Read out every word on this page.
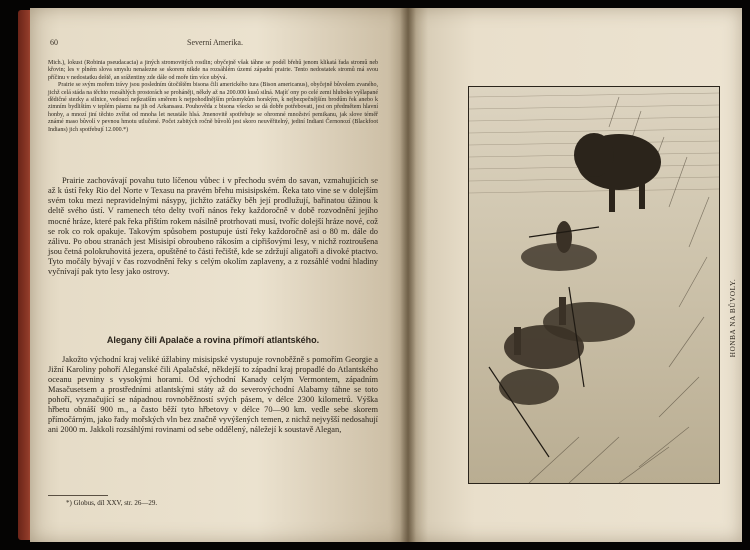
60	Severní Amerika.

Mich.), lokust (Robinia pseudacacia) a jiných stromovitých rostlin; obyčejně však táhne se podél břehů jenom klikatá řada stromů neb křovin; les v plném slova smyslu nenalezne se skorem nikde na rozsáhlém území západní prairie. Tento nedostatek stromů má svou příčinu v nedostatku deště, an srážentiny zde dále od moře tím více ubývá.

Prairie se svým mořem trávy jsou posledním útočištěm bisona čili amerického tura (Bison americanus), obyčejně bůvolem zvaného, jichž celá stáda na těchto rozsáhlých prostorách se proháněji, někdy až na 200.000 kusů silná. Majíť ony po celé zemi hluboko vyšlapané dědičné stezky a silnice, vedoucí nejkratším směrem k nejpohodlnějším průsmykům horským, k nejbezpečnějším brodům řek anebo k zimním bydlištím v teplém pásmu na jih od Arkansasu. Pouhověda z bisona všecko se dá dobře potřebovati, jest on předmětem hlavní honby, a mnozí jiní těchto zvířat od mnoha let neustále hlsá. Jmenovitě spotřebuje se ohromné množství pemikanu, jak slove téměř známé maso bůvolí v pevnou hmotu utlučené. Počet zabitých ročně bůvolů jest skoro neuvěřitelný, jediní Indiani Černonozí (Blackfoot Indians) jich spotřebují 12.000.*)

Prairie zachovávají povahu tuto líčenou vůbec i v přechodu svém do savan, vzmahujících se až k ústí řeky Rio del Norte v Texasu na pravém břehu misisipském. Řeka tato vine se v dolejším svém toku mezi nepravidelnými násypy, jichžto zatáčky běh její prodlužují, bařinatou úžinou k deltě svého ústí. V ramenech této delty tvoří nános řeky každoročně v době rozvodnění jejího mocné hráze, které pak řeka přištím rokem násilně protrhovati musí, tvoříc dolejší hráze nové, což se rok co rok opakuje. Takovým spůsobem postupuje ústí řeky každoročně asi o 80 m. dále do zálivu. Po obou stranách jest Misisipí obroubeno rákosím a cipřišovými lesy, v nichž roztroušena jsou četná polokruhovitá jezera, opuštěné to části řečiště, kde se zdržují aligatoři a divoké ptactvo. Tyto močály bývají v čas rozvodnění řeky s celým okolím zaplaveny, a z rozsáhlé vodní hladiny vyčnívají pak tyto lesy jako ostrovy.

Alegany čili Apalače a rovina přímoří atlantského.

Jakožto východní kraj veliké úžlabiny misisipské vystupuje rovnoběžně s pomořím Georgie a Jižní Karoliny pohoří Aleganské čili Apalačské, někdejší to západní kraj propadlé do Atlantského oceanu pevniny s vysokými horami. Od východní Kanady celým Vermontem, západním Masačusetsem a prostředními atlantskými státy až do severovýchodní Alabamy táhne se toto pohoří, vyznačující se nápadnou rovnoběžností svých pásem, v délce 2300 kilometrů. Výška hřbetu obnáší 900 m., a často běží tyto hřbetovy v délce 70—90 km. vedle sebe skorem přímočárným, jako řady mořských vln bez značně vyvýšených temen, z nichž nejvyšší nedosahují ani 2000 m. Jakkoli rozsáhlými rovinami od sebe oddělený, náležejí k soustavě Alegan,

*) Globus, díl XXV, str. 26—29.
HONBA NA BŮVOLY.
